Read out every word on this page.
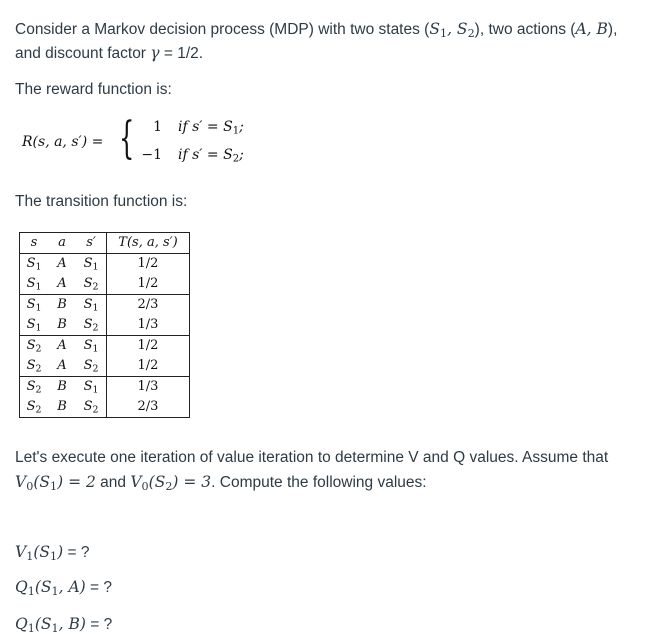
Consider a Markov decision process (MDP) with two states ($S_1$, $S_2$), two actions (A, B),

and discount factor γ = 1/2.

The reward function is:

R(s, a, s′) = {	1 if $s' = S_1$;
−1 if $s' = S_2$;

The transition function is:

s	a	s′	T(s, a, s′)
$S_1$	A	$S_1$	1/2
$S_1$	A	$S_2$	1/2
$S_1$	B	$S_1$	2/3
$S_1$	B	$S_2$	1/3
$S_2$	A	$S_1$	1/2
$S_2$	A	$S_2$	1/2
$S_2$	B	$S_1$	1/3
$S_2$	B	$S_2$	2/3

Let's execute one iteration of value iteration to determine V and Q values. Assume that

$V_0(S_1) = 2$ and $V_0(S_2) = 3$. Compute the following values:

$V_1(S_1)$ = ?
$Q_1(S_1$, A) = ?
$Q_1(S_1$, B) = ?
